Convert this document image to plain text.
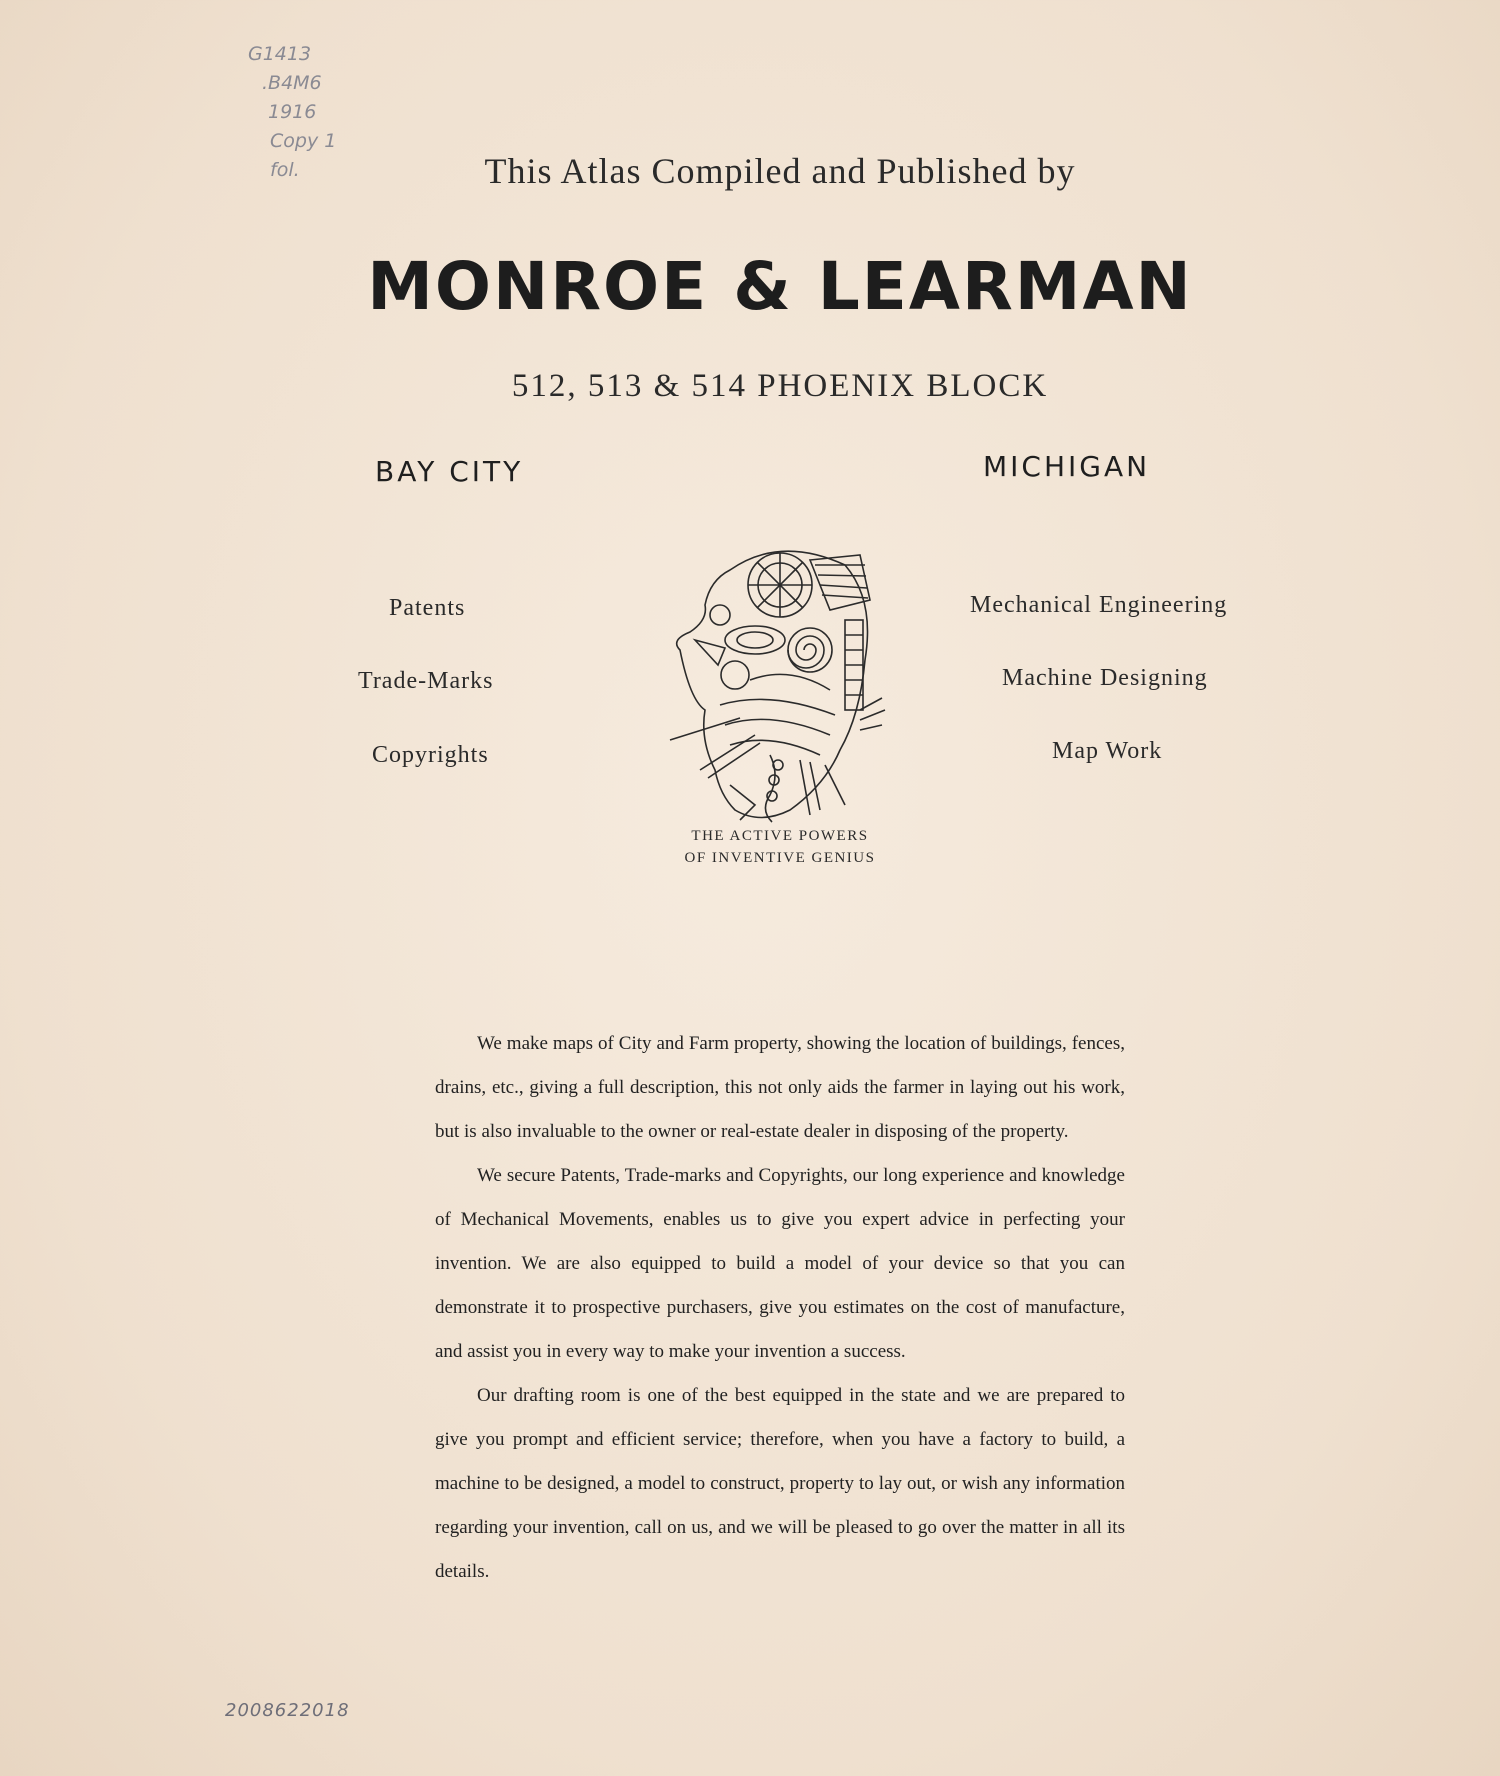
G1413
.B4M6
1916
Copy 1
fol.	This Atlas Compiled and Published by
MONROE & LEARMAN
512, 513 & 514 PHOENIX BLOCK
BAY CITY	MICHIGAN
Patents
Trade-Marks
Copyrights
Mechanical Engineering
Machine Designing
Map Work
THE ACTIVE POWERS
OF INVENTIVE GENIUS

We make maps of City and Farm property, showing the location of buildings, fences, drains, etc., giving a full description, this not only aids the farmer in laying out his work, but is also invaluable to the owner or real-estate dealer in disposing of the property.

We secure Patents, Trade-marks and Copyrights, our long experience and knowledge of Mechanical Movements, enables us to give you expert advice in perfecting your invention. We are also equipped to build a model of your device so that you can demonstrate it to prospective purchasers, give you estimates on the cost of manufacture, and assist you in every way to make your invention a success.

Our drafting room is one of the best equipped in the state and we are prepared to give you prompt and efficient service; therefore, when you have a factory to build, a machine to be designed, a model to construct, property to lay out, or wish any information regarding your invention, call on us, and we will be pleased to go over the matter in all its details.

2008622018
